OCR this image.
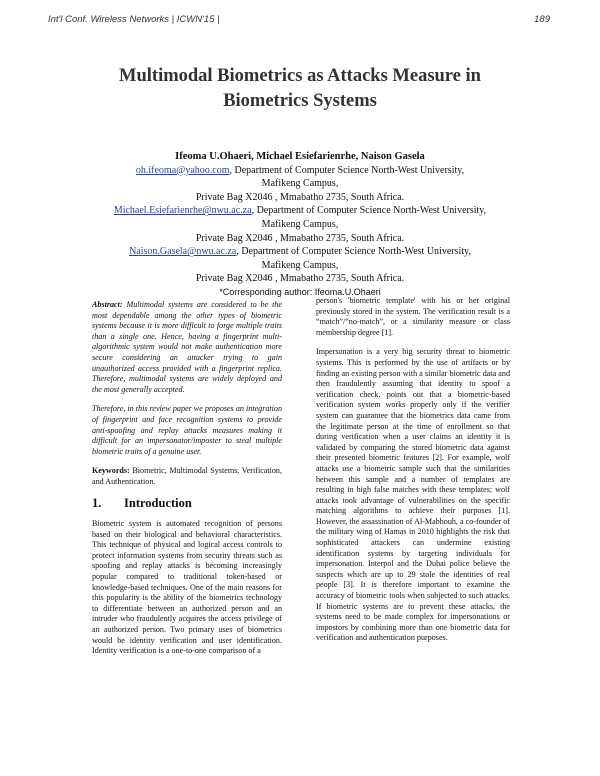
Int'l Conf. Wireless Networks | ICWN'15 |	189
Multimodal Biometrics as Attacks Measure in
Biometrics Systems
Ifeoma U.Ohaeri, Michael Esiefarienrhe, Naison Gasela
oh.ifeoma@yahoo.com, Department of Computer Science North-West University,
Mafikeng Campus,
Private Bag X2046 , Mmabatho 2735, South Africa.
Michael.Esiefarienrhe@nwu.ac.za, Department of Computer Science North-West University,
Mafikeng Campus,
Private Bag X2046 , Mmabatho 2735, South Africa.
Naison.Gasela@nwu.ac.za, Department of Computer Science North-West University,
Mafikeng Campus,
Private Bag X2046 , Mmabatho 2735, South Africa.
*Corresponding author: Ifeoma.U.Ohaeri

Abstract: Multimodal systems are considered to be the most dependable among the other types of biometric systems because it is more difficult to forge multiple traits than a single one. Hence, having a fingerprint multi-algorithmic system would not make authentication more secure considering an attacker trying to gain unauthorized access provided with a fingerprint replica. Therefore, multimodal systems are widely deployed and the most generally accepted.

Therefore, in this review paper we proposes an integration of fingerprint and face recognition systems to provide anti-spoofing and replay attacks measures making it difficult for an impersonator/imposter to steal multiple biometric traits of a genuine user.

Keywords: Biometric, Multimodal Systems, Verification, and Authentication.

1. Introduction

Biometric system is automated recognition of persons based on their biological and behavioral characteristics. This technique of physical and logical access controls to protect information systems from security threats such as spoofing and replay attacks is becoming increasingly popular compared to traditional token-based or knowledge-based techniques. One of the main reasons for this popularity is the ability of the biometrics technology to differentiate between an authorized person and an intruder who fraudulently acquires the access privilege of an authorized person. Two primary uses of biometrics would be identity verification and user identification. Identity verification is a one-to-one comparison of a

person's 'biometric template' with his or her original previously stored in the system. The verification result is a “match”/“no-match”, or a similarity measure or class membership degree [1].

Impersonation is a very big security threat to biometric systems. This is performed by the use of artifacts or by finding an existing person with a similar biometric data and then fraudulently assuming that identity to spoof a verification check. points out that a biometric-based verification system works properly only if the verifier system can guarantee that the biometrics data came from the legitimate person at the time of enrollment so that during verification when a user claims an identity it is validated by comparing the stored biometric data against their presented biometric features [2]. For example, wolf attacks use a biometric sample such that the similarities between this sample and a number of templates are resulting in high false matches with these templates; wolf attacks took advantage of vulnerabilities on the specific matching algorithms to achieve their purposes [1]. However, the assassination of Al-Mabhouh, a co-founder of the military wing of Hamas in 2010 highlights the risk that sophisticated attackers can undermine existing identification systems by targeting individuals for impersonation. Interpol and the Dubai police believe the suspects which are up to 29 stole the identities of real people [3]. It is therefore important to examine the accuracy of biometric tools when subjected to such attacks. If biometric systems are to prevent these attacks, the systems need to be made complex for impersonations or impostors by combining more than one biometric data for verification and authentication purposes.
